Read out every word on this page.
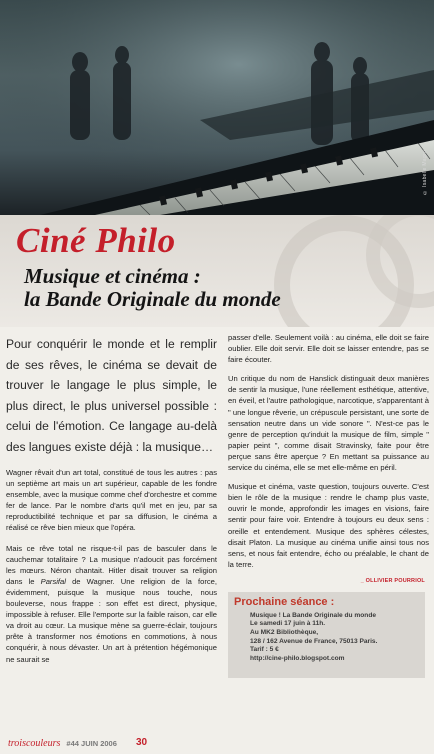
© Isabelle Magro
Ciné Philo
Musique et cinéma :
la Bande Originale du monde

Pour conquérir le monde et le remplir de ses rêves, le cinéma se devait de trouver le langage le plus simple, le plus direct, le plus universel possible : celui de l'émotion. Ce langage au-delà des langues existe déjà : la musique…

Wagner rêvait d'un art total, constitué de tous les autres : pas un septième art mais un art supérieur, capable de les fondre ensemble, avec la musique comme chef d'orchestre et comme fer de lance. Par le nombre d'arts qu'il met en jeu, par sa reproductibilité technique et par sa diffusion, le cinéma a réalisé ce rêve bien mieux que l'opéra.

Mais ce rêve total ne risque-t-il pas de basculer dans le cauchemar totalitaire ? La musique n'adoucit pas forcément les mœurs. Néron chantait. Hitler disait trouver sa religion dans le Parsifal de Wagner. Une religion de la force, évidemment, puisque la musique nous touche, nous bouleverse, nous frappe : son effet est direct, physique, impossible à refuser. Elle l'emporte sur la faible raison, car elle va droit au cœur. La musique mène sa guerre-éclair, toujours prête à transformer nos émotions en commotions, à nous conquérir, à nous dévaster. Un art à prétention hégémonique ne saurait se

passer d'elle. Seulement voilà : au cinéma, elle doit se faire oublier. Elle doit servir. Elle doit se laisser entendre, pas se faire écouter.

Un critique du nom de Hanslick distinguait deux manières de sentir la musique, l'une réellement esthétique, attentive, en éveil, et l'autre pathologique, narcotique, s'apparentant à " une longue rêverie, un crépuscule persistant, une sorte de sensation neutre dans un vide sonore ". N'est-ce pas le genre de perception qu'induit la musique de film, simple " papier peint ", comme disait Stravinsky, faite pour être perçue sans être aperçue ? En mettant sa puissance au service du cinéma, elle se met elle-même en péril.

Musique et cinéma, vaste question, toujours ouverte. C'est bien le rôle de la musique : rendre le champ plus vaste, ouvrir le monde, approfondir les images en visions, faire sentir pour faire voir. Entendre à toujours eu deux sens : oreille et entendement. Musique des sphères célestes, disait Platon. La musique au cinéma unifie ainsi tous nos sens, et nous fait entendre, écho ou préalable, le chant de la terre.

_ OLLIVIER POURRIOL
Prochaine séance :
Musique ! La Bande Originale du monde
Le samedi 17 juin à 11h.
Au MK2 Bibliothèque,
128 / 162 Avenue de France, 75013 Paris.
Tarif : 5 €
http://cine-philo.blogspot.com
troiscouleurs #44 JUIN 2006 30
